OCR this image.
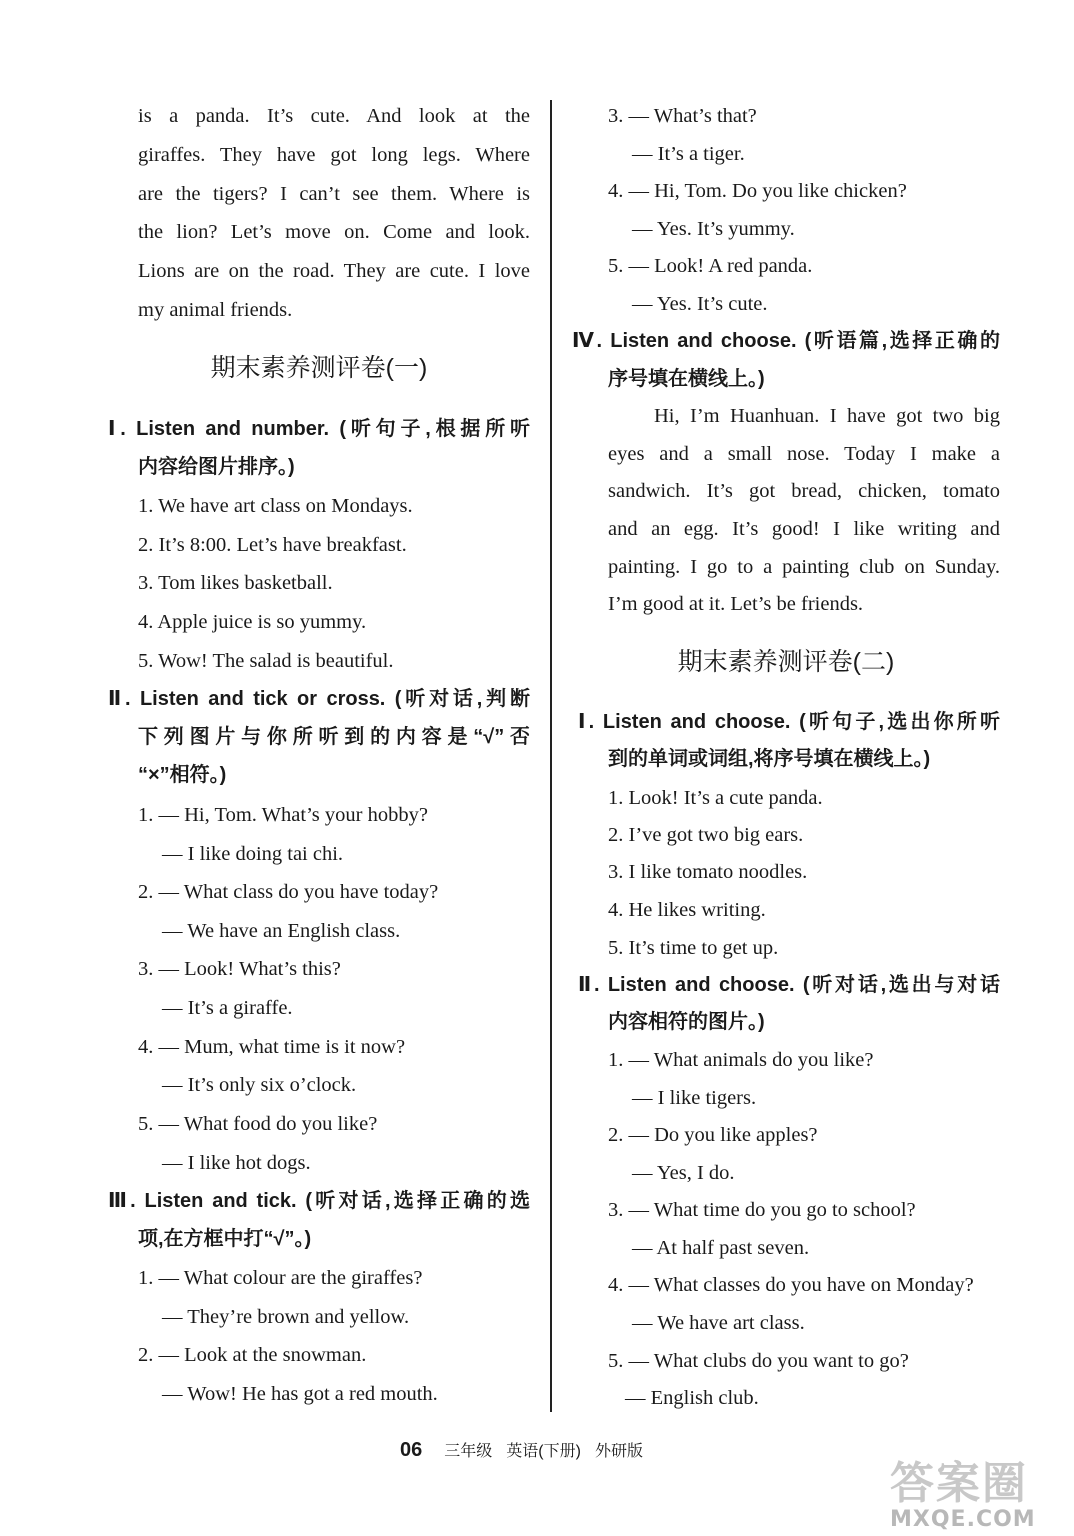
is a panda. It’s cute. And look at the
giraffes. They have got long legs. Where
are the tigers? I can’t see them. Where is
the lion? Let’s move on. Come and look.
Lions are on the road. They are cute. I love
my animal friends.
期末素养测评卷(一)
Ⅰ. Listen and number. (听句子,根据所听
内容给图片排序。)
1. We have art class on Mondays.
2. It’s 8:00. Let’s have breakfast.
3. Tom likes basketball.
4. Apple juice is so yummy.
5. Wow! The salad is beautiful.
Ⅱ. Listen and tick or cross. (听对话,判断
下列图片与你所听到的内容是“√”否
“×”相符。)
1. — Hi, Tom. What’s your hobby?
— I like doing tai chi.
2. — What class do you have today?
— We have an English class.
3. — Look! What’s this?
— It’s a giraffe.
4. — Mum, what time is it now?
— It’s only six o’clock.
5. — What food do you like?
— I like hot dogs.
Ⅲ. Listen and tick. (听对话,选择正确的选
项,在方框中打“√”。)
1. — What colour are the giraffes?
— They’re brown and yellow.
2. — Look at the snowman.
— Wow! He has got a red mouth.
3. — What’s that?
— It’s a tiger.
4. — Hi, Tom. Do you like chicken?
— Yes. It’s yummy.
5. — Look! A red panda.
— Yes. It’s cute.
Ⅳ. Listen and choose. (听语篇,选择正确的
序号填在横线上。)
Hi, I’m Huanhuan. I have got two big
eyes and a small nose. Today I make a
sandwich. It’s got bread, chicken, tomato
and an egg. It’s good! I like writing and
painting. I go to a painting club on Sunday.
I’m good at it. Let’s be friends.
期末素养测评卷(二)
Ⅰ. Listen and choose. (听句子,选出你所听
到的单词或词组,将序号填在横线上。)
1. Look! It’s a cute panda.
2. I’ve got two big ears.
3. I like tomato noodles.
4. He likes writing.
5. It’s time to get up.
Ⅱ. Listen and choose. (听对话,选出与对话
内容相符的图片。)
1. — What animals do you like?
— I like tigers.
2. — Do you like apples?
— Yes, I do.
3. — What time do you go to school?
— At half past seven.
4. — What classes do you have on Monday?
— We have art class.
5. — What clubs do you want to go?
— English club.
06 三年级 英语(下册) 外研版
答案圈
MXQE.COM
